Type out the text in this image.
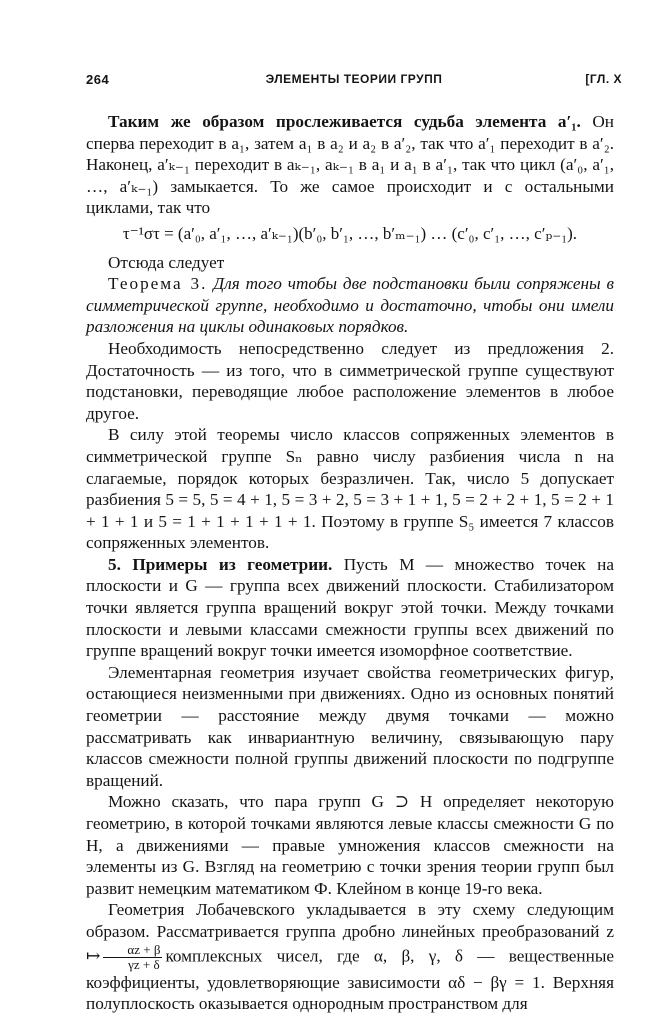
264	ЭЛЕМЕНТЫ ТЕОРИИ ГРУПП	[ГЛ. X

Таким же образом прослеживается судьба элемента a′₁. Он сперва переходит в a₁, затем a₁ в a₂ и a₂ в a′₂, так что a′₁ переходит в a′₂. Наконец, a′ₖ₋₁ переходит в aₖ₋₁, aₖ₋₁ в a₁ и a₁ в a′₁, так что цикл (a′₀, a′₁, …, a′ₖ₋₁) замыкается. То же самое происходит и с остальными циклами, так что

τ⁻¹στ = (a′₀, a′₁, …, a′ₖ₋₁)(b′₀, b′₁, …, b′ₘ₋₁) … (c′₀, c′₁, …, c′ₚ₋₁).

Отсюда следует

Теорема 3. Для того чтобы две подстановки были сопряжены в симметрической группе, необходимо и достаточно, чтобы они имели разложения на циклы одинаковых порядков.

Необходимость непосредственно следует из предложения 2. Достаточность — из того, что в симметрической группе существуют подстановки, переводящие любое расположение элементов в любое другое.

В силу этой теоремы число классов сопряженных элементов в симметрической группе Sₙ равно числу разбиения числа n на слагаемые, порядок которых безразличен. Так, число 5 допускает разбиения 5 = 5, 5 = 4 + 1, 5 = 3 + 2, 5 = 3 + 1 + 1, 5 = 2 + 2 + 1, 5 = 2 + 1 + 1 + 1 и 5 = 1 + 1 + 1 + 1 + 1. Поэтому в группе S₅ имеется 7 классов сопряженных элементов.

5. Примеры из геометрии. Пусть M — множество точек на плоскости и G — группа всех движений плоскости. Стабилизатором точки является группа вращений вокруг этой точки. Между точками плоскости и левыми классами смежности группы всех движений по группе вращений вокруг точки имеется изоморфное соответствие.

Элементарная геометрия изучает свойства геометрических фигур, остающиеся неизменными при движениях. Одно из основных понятий геометрии — расстояние между двумя точками — можно рассматривать как инвариантную величину, связывающую пару классов смежности полной группы движений плоскости по подгруппе вращений.

Можно сказать, что пара групп G ⊃ H определяет некоторую геометрию, в которой точками являются левые классы смежности G по H, а движениями — правые умножения классов смежности на элементы из G. Взгляд на геометрию с точки зрения теории групп был развит немецким математиком Ф. Клейном в конце 19-го века.

Геометрия Лобачевского укладывается в эту схему следующим образом. Рассматривается группа дробно линейных преобразований z ↦ $\frac{\alpha z + \beta}{\gamma z + \delta}$ комплексных чисел, где α, β, γ, δ — вещественные коэффициенты, удовлетворяющие зависимости αδ − βγ = 1. Верхняя полуплоскость оказывается однородным пространством для
